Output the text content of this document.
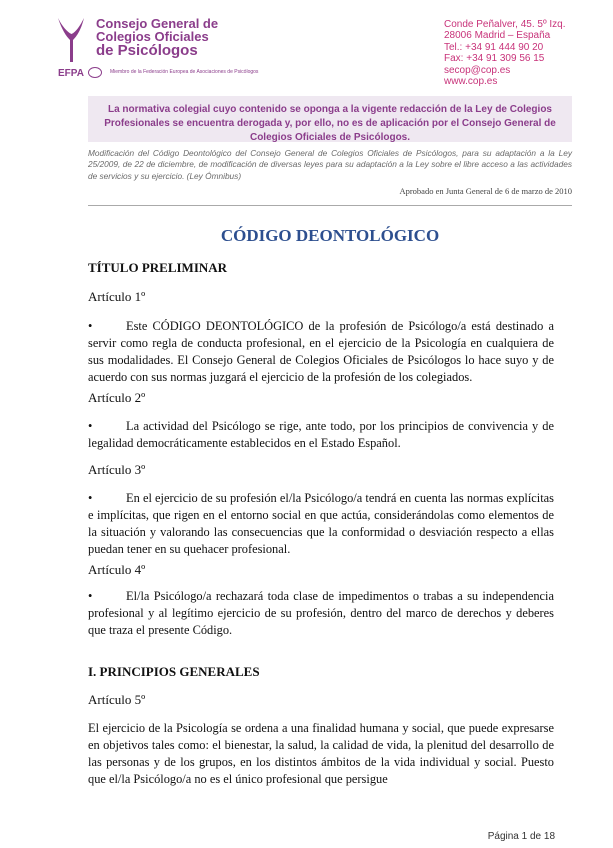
Consejo General de
Colegios Oficiales
de Psicólogos
EFPA	Miembro de la Federación Europea de Asociaciones de Psicólogos
Conde Peñalver, 45. 5º Izq.
28006 Madrid – España
Tel.: +34 91 444 90 20
Fax: +34 91 309 56 15
secop@cop.es
www.cop.es
La normativa colegial cuyo contenido se oponga a la vigente redacción de la Ley de Colegios Profesionales se encuentra derogada y, por ello, no es de aplicación por el Consejo General de Colegios Oficiales de Psicólogos.
Modificación del Código Deontológico del Consejo General de Colegios Oficiales de Psicólogos, para su adaptación a la Ley 25/2009, de 22 de diciembre, de modificación de diversas leyes para su adaptación a la Ley sobre el libre acceso a las actividades de servicios y su ejercicio. (Ley Ómnibus)
Aprobado en Junta General de 6 de marzo de 2010
CÓDIGO DEONTOLÓGICO
TÍTULO PRELIMINAR
Artículo 1º
•	Este CÓDIGO DEONTOLÓGICO de la profesión de Psicólogo/a está destinado a servir como regla de conducta profesional, en el ejercicio de la Psicología en cualquiera de sus modalidades. El Consejo General de Colegios Oficiales de Psicólogos lo hace suyo y de acuerdo con sus normas juzgará el ejercicio de la profesión de los colegiados.
Artículo 2º
•	La actividad del Psicólogo se rige, ante todo, por los principios de convivencia y de legalidad democráticamente establecidos en el Estado Español.
Artículo 3º
•	En el ejercicio de su profesión el/la Psicólogo/a tendrá en cuenta las normas explícitas e implícitas, que rigen en el entorno social en que actúa, considerándolas como elementos de la situación y valorando las consecuencias que la conformidad o desviación respecto a ellas puedan tener en su quehacer profesional.
Artículo 4º
•	El/la Psicólogo/a rechazará toda clase de impedimentos o trabas a su independencia profesional y al legítimo ejercicio de su profesión, dentro del marco de derechos y deberes que traza el presente Código.
I. PRINCIPIOS GENERALES
Artículo 5º
El ejercicio de la Psicología se ordena a una finalidad humana y social, que puede expresarse en objetivos tales como: el bienestar, la salud, la calidad de vida, la plenitud del desarrollo de las personas y de los grupos, en los distintos ámbitos de la vida individual y social. Puesto que el/la Psicólogo/a no es el único profesional que persigue
Página 1 de 18
